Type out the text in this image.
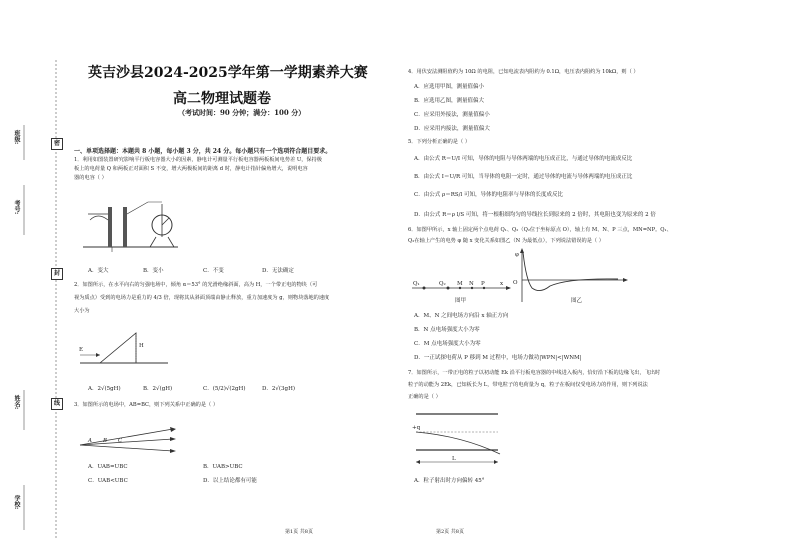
班级:
考号:
姓名:
学校:
密
封
线
英吉沙县2024-2025学年第一学期素养大赛
高二物理试题卷
（考试时间：90 分钟；满分：100 分）
一、单项选择题：本题共 8 小题，每小题 3 分，共 24 分。每小题只有一个选项符合题目要求。
1．利用如图装置研究影响平行板电容器大小的因素，静电计可测量平行板电容器两板板间电势差 U，保持极
板上的电荷量 Q 和两板正对面积 S 不变，增大两极板间的距离 d 时，静电计指针偏角增大，说明电容
器的电容（ ）
A．变大	B．变小	C．不变	D．无法确定
2．如图所示，在水平向右的匀强电场中，倾角 α＝53° 的光滑绝缘斜面，高为 H，一个带正电的物块（可
视为质点）受到的电场力是重力的 4/3 倍，现将其从斜面顶端由静止释放，重力加速度为 g，则物块落地的速度
大小为
E
H
A．2√(5gH)	B．2√(gH)	C．(5/2)√(2gH)	D．2√(3gH)
3．如图所示的电场中，AB=BC，则下列关系中正确的是（ ）
A B C
A．UAB=UBC	B．UAB>UBC
C．UAB<UBC	D．以上结论都有可能
第1页 共8页
4．用伏安法测阻值约为 10Ω 的电阻，已知电流表内阻约为 0.1Ω，电压表内阻约为 10kΩ，则（ ）
A．应选用甲图，测量值偏小
B．应选用乙图，测量值偏大
C．应采用外接法，测量值偏小
D．应采用内接法，测量值偏大
5．下列分析正确的是（ ）
A．由公式 R＝U/I 可知，导体的电阻与导体两端的电压成正比，与通过导体的电流成反比
B．由公式 I＝U/R 可知，当导体的电阻一定时，通过导体的电流与导体两端的电压成正比
C．由公式 ρ＝RS/l 可知，导体的电阻率与导体的长度成反比
D．由公式 R＝ρ l/S 可知，将一根粗细均匀的导线拉长到原来的 2 倍时，其电阻也变为原来的 2 倍
6．如图甲所示，x 轴上固定两个点电荷 Q₁、Q₂（Q₂位于坐标原点 O），轴上有 M、N、P 三点，MN=NP。Q₁、
Q₂在轴上产生的电势 φ 随 x 变化关系如图乙（N 为最低点），下列说法错误的是（ ）
Q₁	Q₂ M N P	x
图甲
φ
O
图乙
A．M、N 之间电场方向沿 x 轴正方向
B．N 点电场强度大小为零
C．M 点电场强度大小为零
D．一正试探电荷从 P 移到 M 过程中，电场力做功|WPN|<|WNM|
7．如图所示，一带正电的粒子以初动能 Ek 沿平行板电容器的中线进入板内，恰好沿下板的边缘飞出，飞出时
粒子的动能为 2Ek，已知板长为 L，带电粒子的电荷量为 q，粒子在板间仅受电场力的作用，则下列说法
正确的是（ ）
+q
L
A．粒子射出时方向偏转 45°
第2页 共8页
